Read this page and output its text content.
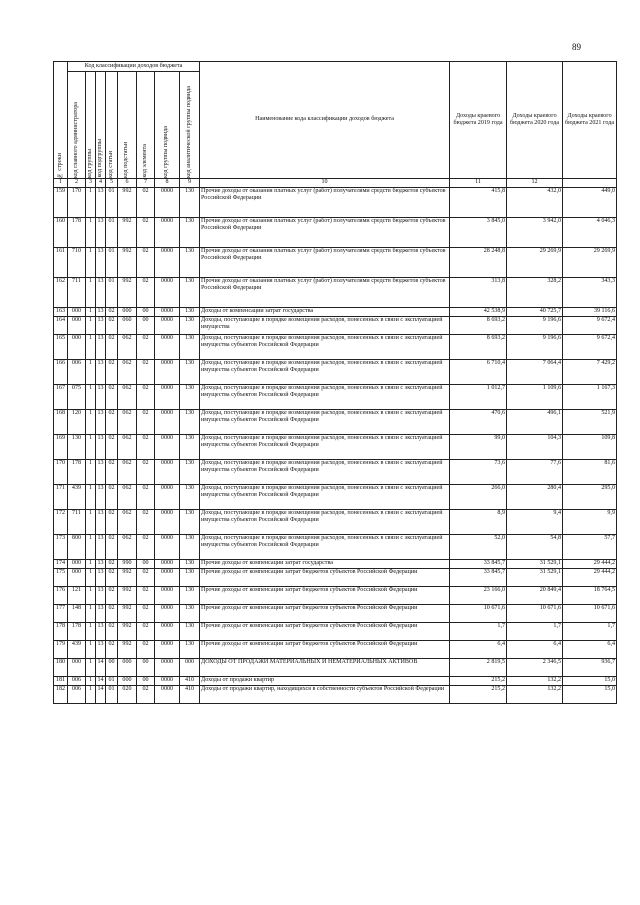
89
№ строки	Код классификации доходов бюджета								Наименование кода классификации доходов бюджета	Доходы краевого бюджета 2019 года	Доходы краевого бюджета 2020 года	Доходы краевого бюджета 2021 года

	код главного администратора	код группы	код подгруппы	код статьи	код подстатьи	код элемента	код группы подвида	код аналитической группы подвида				

1	2	3	4	5	6	7	8	9	10	11	12	
159	170	1	13	01	992	02	0000	130	Прочие доходы от оказания платных услуг (работ) получателями средств бюджетов субъектов Российской Федерации	415,8	432,0	449,0
160	178	1	13	01	992	02	0000	130	Прочие доходы от оказания платных услуг (работ) получателями средств бюджетов субъектов Российской Федерации	3 845,0	3 942,0	4 046,3
161	710	1	13	01	992	02	0000	130	Прочие доходы от оказания платных услуг (работ) получателями средств бюджетов субъектов Российской Федерации	28 248,8	29 269,9	29 269,9
162	711	1	13	01	992	02	0000	130	Прочие доходы от оказания платных услуг (работ) получателями средств бюджетов субъектов Российской Федерации	313,8	328,2	343,3
163	000	1	13	02	000	00	0000	130	Доходы от компенсации затрат государства	42 538,9	40 725,7	39 116,6
164	000	1	13	02	060	00	0000	130	Доходы, поступающие в порядке возмещения расходов, понесенных в связи с эксплуатацией имущества	8 693,2	9 196,6	9 672,4
165	000	1	13	02	062	02	0000	130	Доходы, поступающие в порядке возмещения расходов, понесенных в связи с эксплуатацией имущества субъектов Российской Федерации	8 693,2	9 196,6	9 672,4
166	006	1	13	02	062	02	0000	130	Доходы, поступающие в порядке возмещения расходов, понесенных в связи с эксплуатацией имущества субъектов Российской Федерации	6 710,4	7 064,4	7 429,2
167	075	1	13	02	062	02	0000	130	Доходы, поступающие в порядке возмещения расходов, понесенных в связи с эксплуатацией имущества субъектов Российской Федерации	1 012,7	1 109,6	1 167,3
168	120	1	13	02	062	02	0000	130	Доходы, поступающие в порядке возмещения расходов, понесенных в связи с эксплуатацией имущества субъектов Российской Федерации	470,6	496,1	521,9
169	130	1	13	02	062	02	0000	130	Доходы, поступающие в порядке возмещения расходов, понесенных в связи с эксплуатацией имущества субъектов Российской Федерации	99,0	104,3	109,8
170	178	1	13	02	062	02	0000	130	Доходы, поступающие в порядке возмещения расходов, понесенных в связи с эксплуатацией имущества субъектов Российской Федерации	73,6	77,6	81,6
171	439	1	13	02	062	02	0000	130	Доходы, поступающие в порядке возмещения расходов, понесенных в связи с эксплуатацией имущества субъектов Российской Федерации	266,0	280,4	295,0
172	711	1	13	02	062	02	0000	130	Доходы, поступающие в порядке возмещения расходов, понесенных в связи с эксплуатацией имущества субъектов Российской Федерации	8,9	9,4	9,9
173	800	1	13	02	062	02	0000	130	Доходы, поступающие в порядке возмещения расходов, понесенных в связи с эксплуатацией имущества субъектов Российской Федерации	52,0	54,8	57,7
174	000	1	13	02	990	00	0000	130	Прочие доходы от компенсации затрат государства	33 845,7	31 529,1	29 444,2
175	000	1	13	02	992	02	0000	130	Прочие доходы от компенсации затрат бюджетов субъектов Российской Федерации	33 845,7	31 529,1	29 444,2
176	121	1	13	02	992	02	0000	130	Прочие доходы от компенсации затрат бюджетов субъектов Российской Федерации	23 166,0	20 849,4	18 764,5
177	148	1	13	02	992	02	0000	130	Прочие доходы от компенсации затрат бюджетов субъектов Российской Федерации	10 671,6	10 671,6	10 671,6
178	178	1	13	02	992	02	0000	130	Прочие доходы от компенсации затрат бюджетов субъектов Российской Федерации	1,7	1,7	1,7
179	439	1	13	02	992	02	0000	130	Прочие доходы от компенсации затрат бюджетов субъектов Российской Федерации	6,4	6,4	6,4
180	000	1	14	00	000	00	0000	000	ДОХОДЫ ОТ ПРОДАЖИ МАТЕРИАЛЬНЫХ И НЕМАТЕРИАЛЬНЫХ АКТИВОВ	2 819,5	2 346,5	936,7
181	006	1	14	01	000	00	0000	410	Доходы от продажи квартир	215,2	132,2	15,0
182	006	1	14	01	020	02	0000	410	Доходы от продажи квартир, находящихся в собственности субъектов Российской Федерации	215,2	132,2	15,0
